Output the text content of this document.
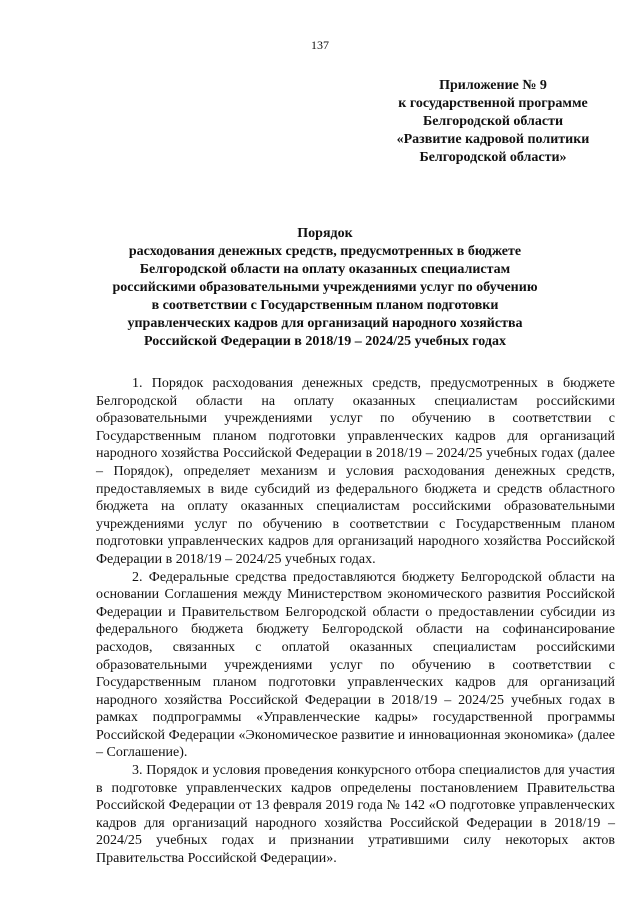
137
Приложение № 9
к государственной программе
Белгородской области
«Развитие кадровой политики
Белгородской области»
Порядок
расходования денежных средств, предусмотренных в бюджете
Белгородской области на оплату оказанных специалистам
российскими образовательными учреждениями услуг по обучению
в соответствии с Государственным планом подготовки
управленческих кадров для организаций народного хозяйства
Российской Федерации в 2018/19 – 2024/25 учебных годах

1. Порядок расходования денежных средств, предусмотренных в бюджете Белгородской области на оплату оказанных специалистам российскими образовательными учреждениями услуг по обучению в соответствии с Государственным планом подготовки управленческих кадров для организаций народного хозяйства Российской Федерации в 2018/19 – 2024/25 учебных годах (далее – Порядок), определяет механизм и условия расходования денежных средств, предоставляемых в виде субсидий из федерального бюджета и средств областного бюджета на оплату оказанных специалистам российскими образовательными учреждениями услуг по обучению в соответствии с Государственным планом подготовки управленческих кадров для организаций народного хозяйства Российской Федерации в 2018/19 – 2024/25 учебных годах.

2. Федеральные средства предоставляются бюджету Белгородской области на основании Соглашения между Министерством экономического развития Российской Федерации и Правительством Белгородской области о предоставлении субсидии из федерального бюджета бюджету Белгородской области на софинансирование расходов, связанных с оплатой оказанных специалистам российскими образовательными учреждениями услуг по обучению в соответствии с Государственным планом подготовки управленческих кадров для организаций народного хозяйства Российской Федерации в 2018/19 – 2024/25 учебных годах в рамках подпрограммы «Управленческие кадры» государственной программы Российской Федерации «Экономическое развитие и инновационная экономика» (далее – Соглашение).

3. Порядок и условия проведения конкурсного отбора специалистов для участия в подготовке управленческих кадров определены постановлением Правительства Российской Федерации от 13 февраля 2019 года № 142 «О подготовке управленческих кадров для организаций народного хозяйства Российской Федерации в 2018/19 – 2024/25 учебных годах и признании утратившими силу некоторых актов Правительства Российской Федерации».
